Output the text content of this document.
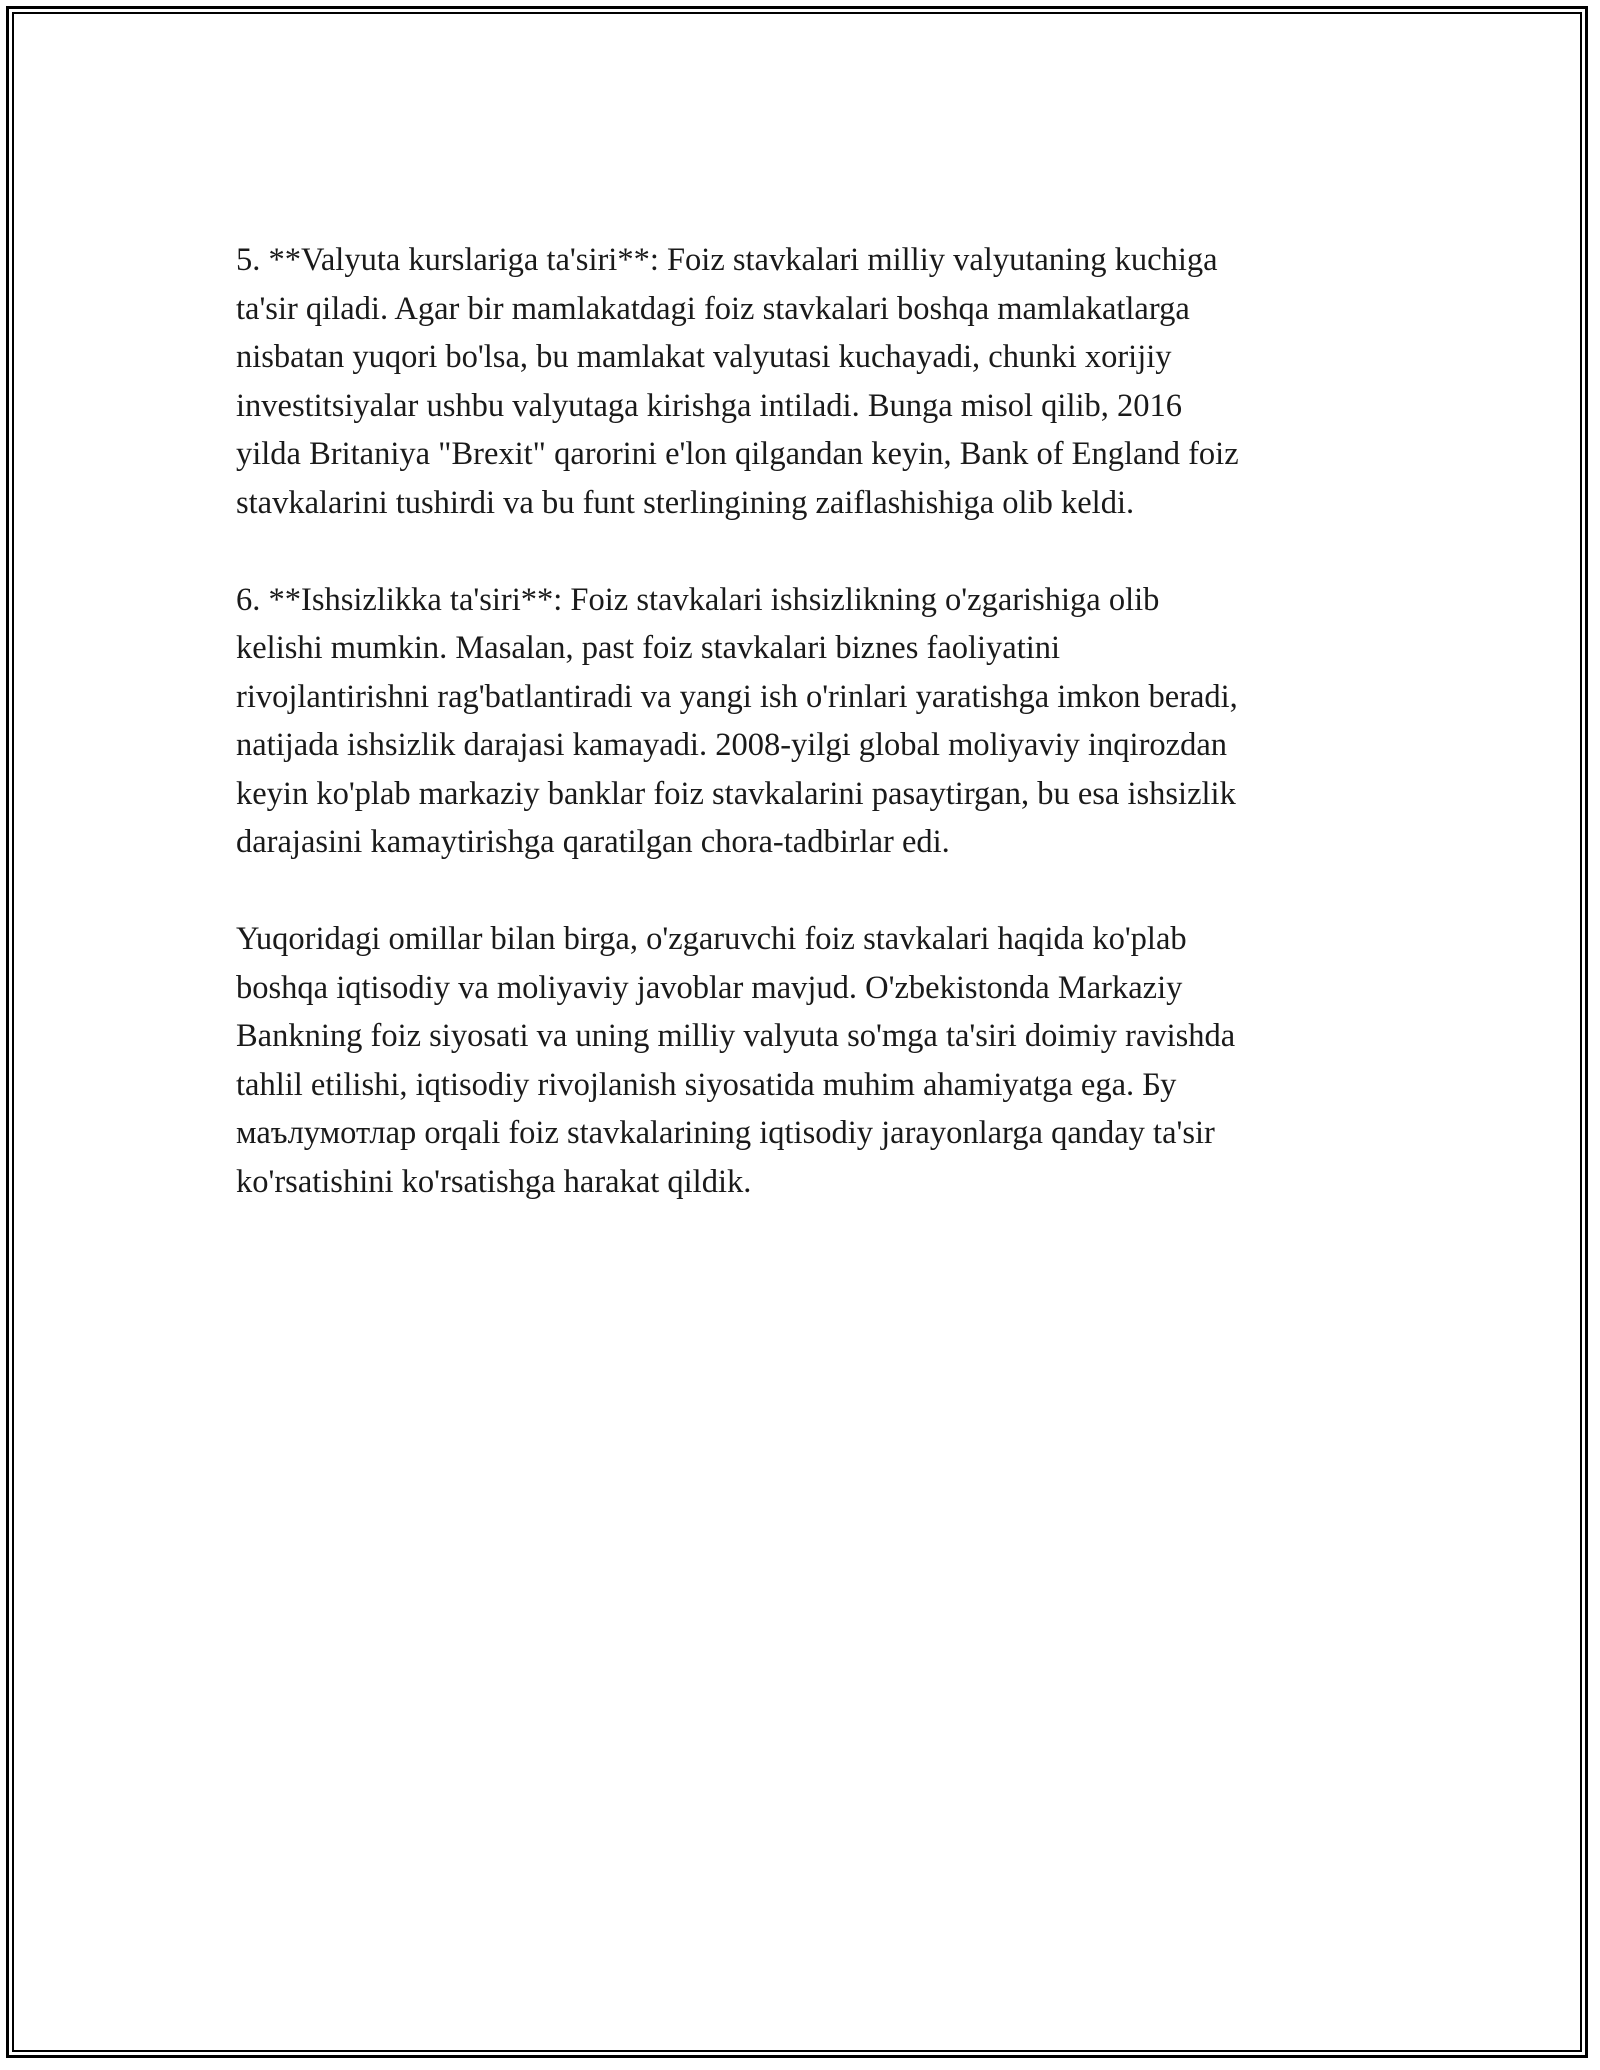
5. **Valyuta kurslariga ta'siri**: Foiz stavkalari milliy valyutaning kuchiga
ta'sir qiladi. Agar bir mamlakatdagi foiz stavkalari boshqa mamlakatlarga
nisbatan yuqori bo'lsa, bu mamlakat valyutasi kuchayadi, chunki xorijiy
investitsiyalar ushbu valyutaga kirishga intiladi. Bunga misol qilib, 2016
yilda Britaniya "Brexit" qarorini e'lon qilgandan keyin, Bank of England foiz
stavkalarini tushirdi va bu funt sterlingining zaiflashishiga olib keldi.

6. **Ishsizlikka ta'siri**: Foiz stavkalari ishsizlikning o'zgarishiga olib
kelishi mumkin. Masalan, past foiz stavkalari biznes faoliyatini
rivojlantirishni rag'batlantiradi va yangi ish o'rinlari yaratishga imkon beradi,
natijada ishsizlik darajasi kamayadi. 2008-yilgi global moliyaviy inqirozdan
keyin ko'plab markaziy banklar foiz stavkalarini pasaytirgan, bu esa ishsizlik
darajasini kamaytirishga qaratilgan chora-tadbirlar edi.

Yuqoridagi omillar bilan birga, o'zgaruvchi foiz stavkalari haqida ko'plab
boshqa iqtisodiy va moliyaviy javoblar mavjud. O'zbekistonda Markaziy
Bankning foiz siyosati va uning milliy valyuta so'mga ta'siri doimiy ravishda
tahlil etilishi, iqtisodiy rivojlanish siyosatida muhim ahamiyatga ega. Бу
маълумотлар orqali foiz stavkalarining iqtisodiy jarayonlarga qanday ta'sir
ko'rsatishini ko'rsatishga harakat qildik.
